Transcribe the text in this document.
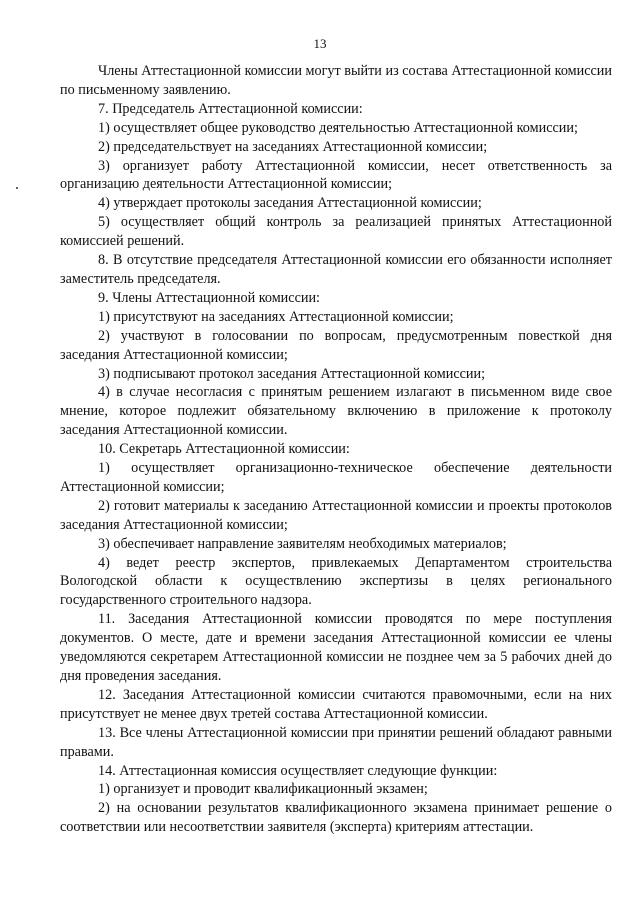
13

Члены Аттестационной комиссии могут выйти из состава Аттестационной комиссии по письменному заявлению.

7. Председатель Аттестационной комиссии:

1) осуществляет общее руководство деятельностью Аттестационной комиссии;

2) председательствует на заседаниях Аттестационной комиссии;

3) организует работу Аттестационной комиссии, несет ответственность за организацию деятельности Аттестационной комиссии;

4) утверждает протоколы заседания Аттестационной комиссии;

5) осуществляет общий контроль за реализацией принятых Аттестационной комиссией решений.

8. В отсутствие председателя Аттестационной комиссии его обязанности исполняет заместитель председателя.

9. Члены Аттестационной комиссии:

1) присутствуют на заседаниях Аттестационной комиссии;

2) участвуют в голосовании по вопросам, предусмотренным повесткой дня заседания Аттестационной комиссии;

3) подписывают протокол заседания Аттестационной комиссии;

4) в случае несогласия с принятым решением излагают в письменном виде свое мнение, которое подлежит обязательному включению в приложение к протоколу заседания Аттестационной комиссии.

10. Секретарь Аттестационной комиссии:

1) осуществляет организационно-техническое обеспечение деятельности Аттестационной комиссии;

2) готовит материалы к заседанию Аттестационной комиссии и проекты протоколов заседания Аттестационной комиссии;

3) обеспечивает направление заявителям необходимых материалов;

4) ведет реестр экспертов, привлекаемых Департаментом строительства Вологодской области к осуществлению экспертизы в целях регионального государственного строительного надзора.

11. Заседания Аттестационной комиссии проводятся по мере поступления документов. О месте, дате и времени заседания Аттестационной комиссии ее члены уведомляются секретарем Аттестационной комиссии не позднее чем за 5 рабочих дней до дня проведения заседания.

12. Заседания Аттестационной комиссии считаются правомочными, если на них присутствует не менее двух третей состава Аттестационной комиссии.

13. Все члены Аттестационной комиссии при принятии решений обладают равными правами.

14. Аттестационная комиссия осуществляет следующие функции:

1) организует и проводит квалификационный экзамен;

2) на основании результатов квалификационного экзамена принимает решение о соответствии или несоответствии заявителя (эксперта) критериям аттестации.
